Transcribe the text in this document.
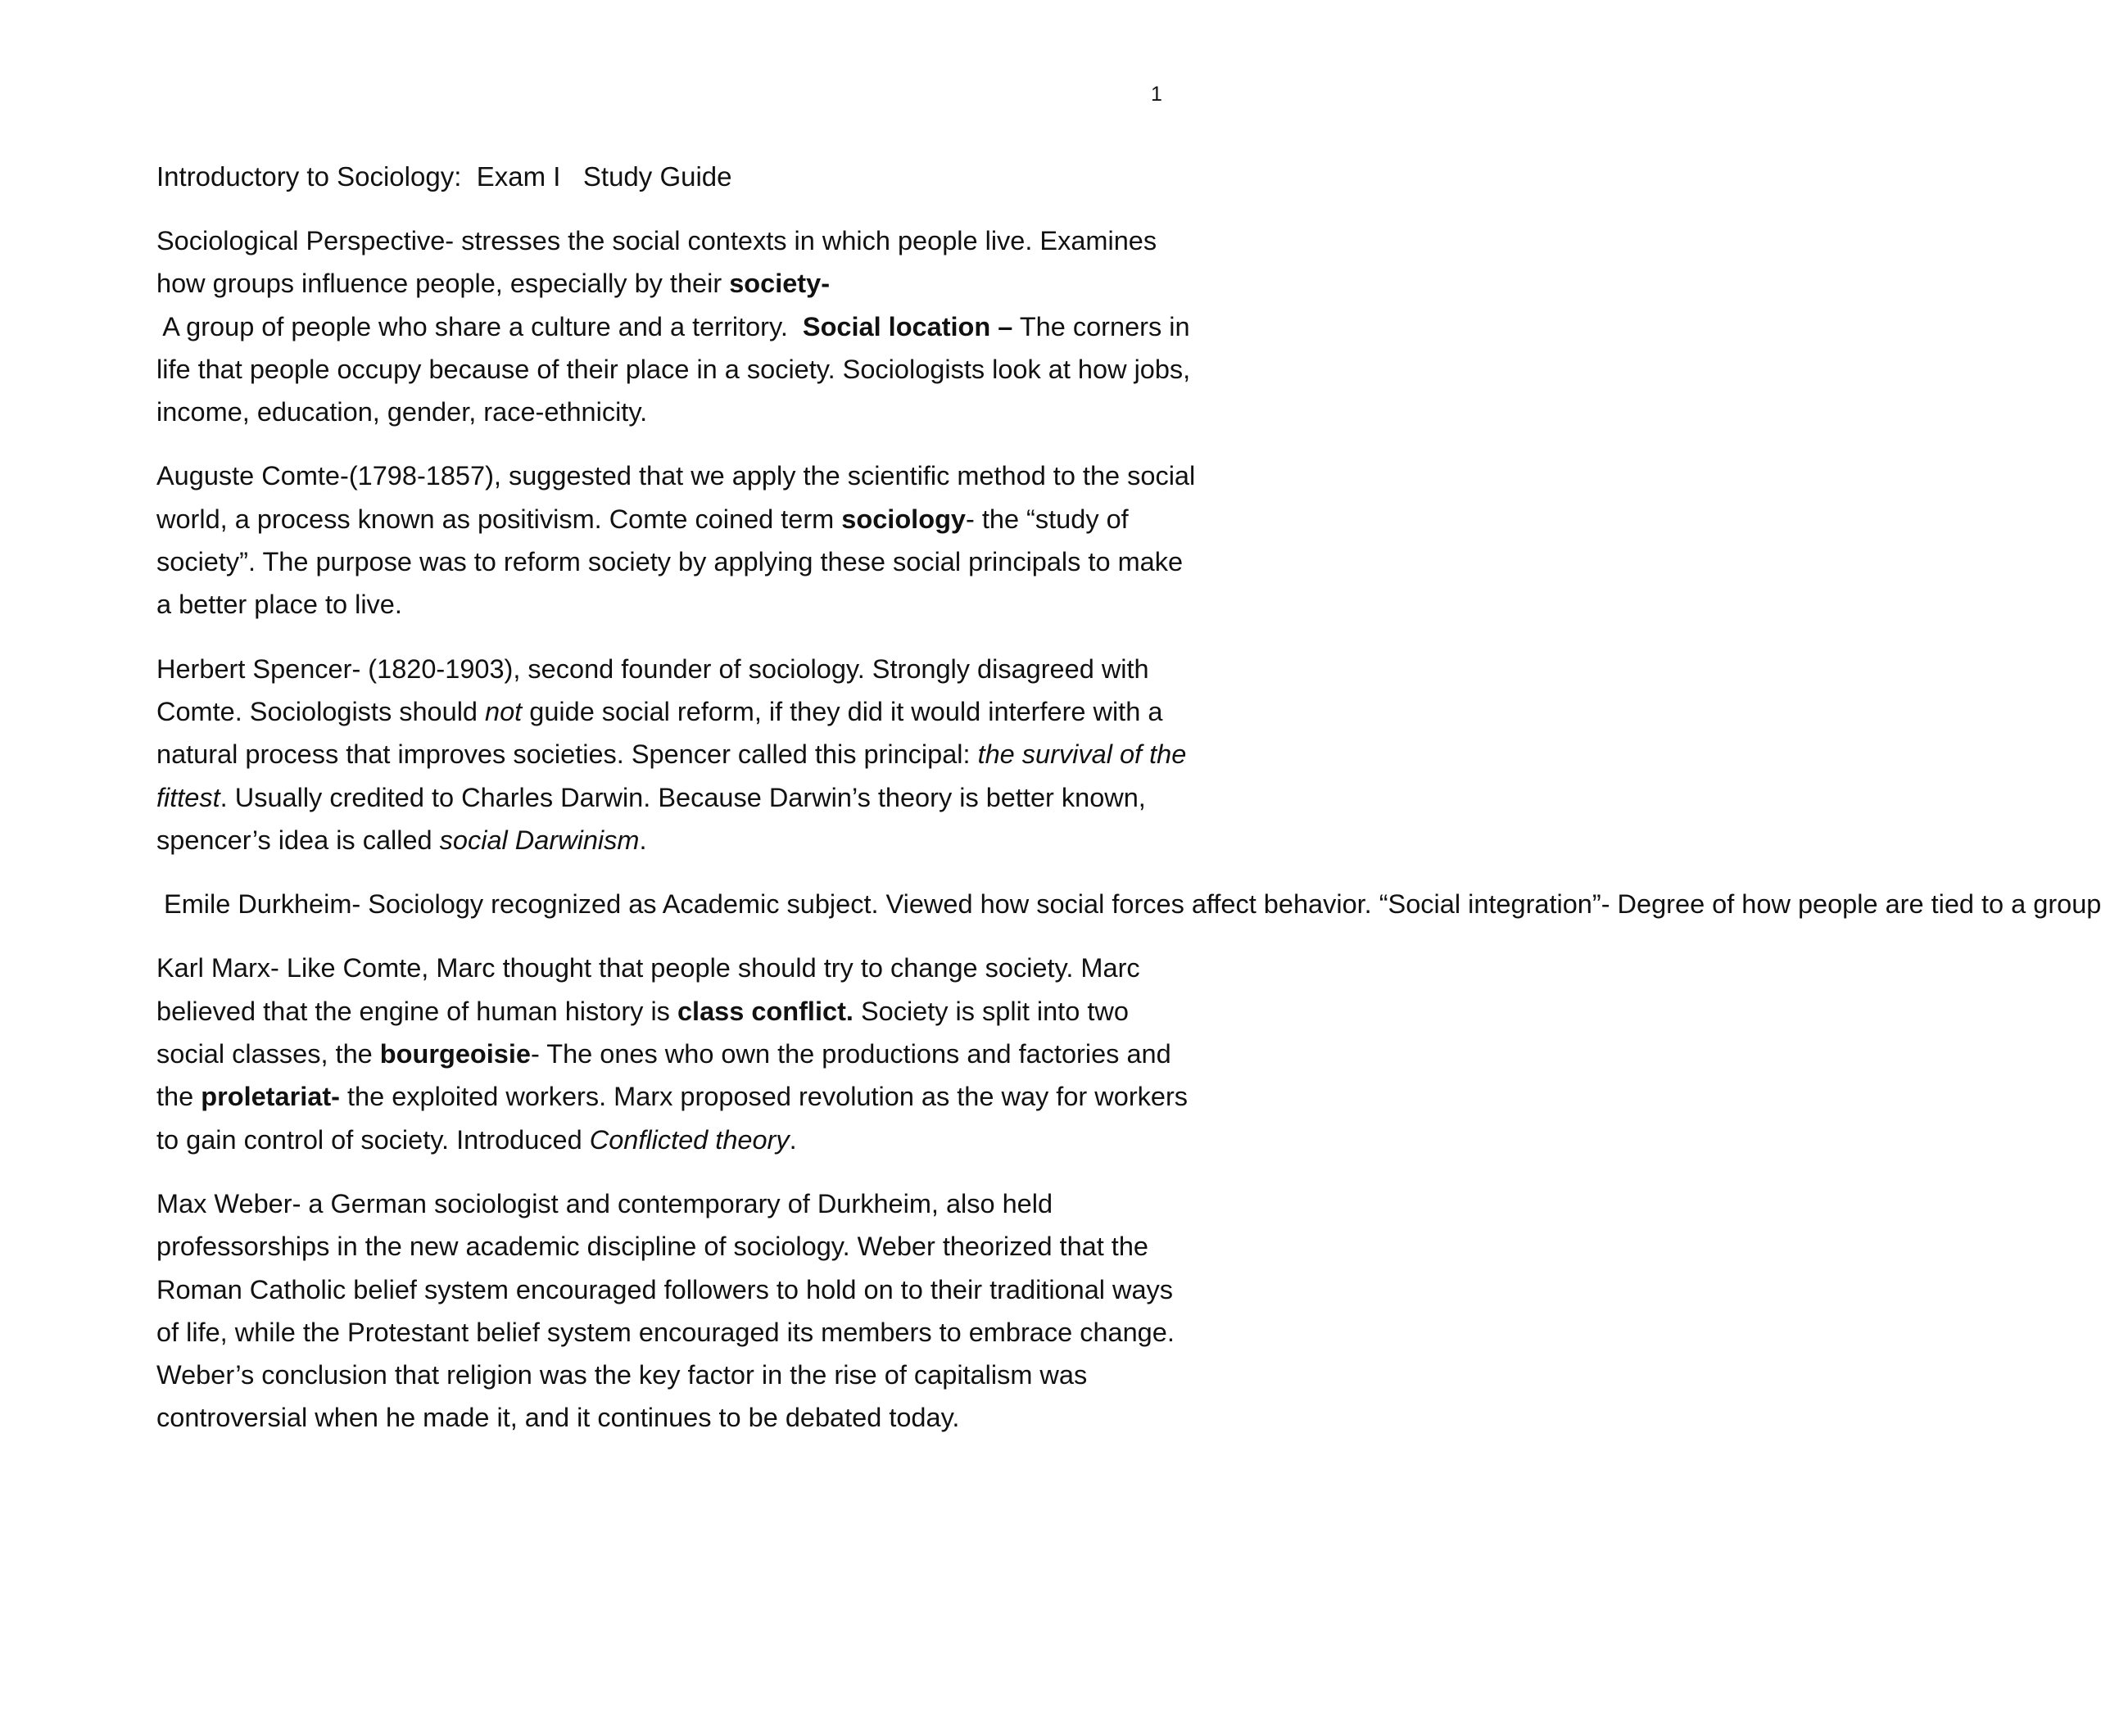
1
Introductory to Sociology:  Exam I   Study Guide

Sociological Perspective- stresses the social contexts in which people live. Examines how groups influence people, especially by their society- A group of people who share a culture and a territory.  Social location – The corners in life that people occupy because of their place in a society. Sociologists look at how jobs, income, education, gender, race-ethnicity.

Auguste Comte-(1798-1857), suggested that we apply the scientific method to the social world, a process known as positivism. Comte coined term sociology- the “study of society”. The purpose was to reform society by applying these social principals to make a better place to live.

Herbert Spencer- (1820-1903), second founder of sociology. Strongly disagreed with Comte. Sociologists should not guide social reform, if they did it would interfere with a natural process that improves societies. Spencer called this principal: the survival of the fittest. Usually credited to Charles Darwin. Because Darwin’s theory is better known, spencer’s idea is called social Darwinism.

Emile Durkheim- Sociology recognized as Academic subject. Viewed how social forces affect behavior. “Social integration”- Degree of how people are tied to a group

Karl Marx- Like Comte, Marc thought that people should try to change society. Marc believed that the engine of human history is class conflict. Society is split into two social classes, the bourgeoisie- The ones who own the productions and factories and the proletariat- the exploited workers. Marx proposed revolution as the way for workers to gain control of society. Introduced Conflicted theory.

Max Weber- a German sociologist and contemporary of Durkheim, also held professorships in the new academic discipline of sociology. Weber theorized that the Roman Catholic belief system encouraged followers to hold on to their traditional ways of life, while the Protestant belief system encouraged its members to embrace change. Weber’s conclusion that religion was the key factor in the rise of capitalism was controversial when he made it, and it continues to be debated today.
